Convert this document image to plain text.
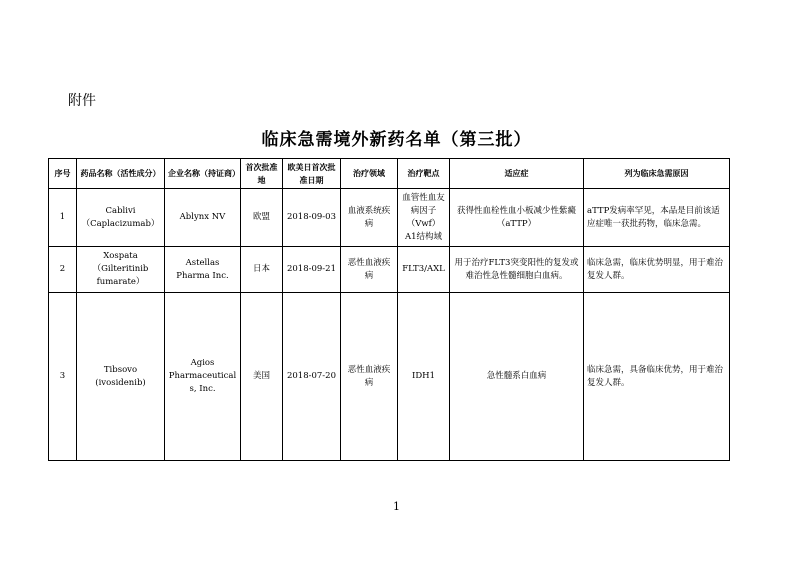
附件
临床急需境外新药名单（第三批）
序号	药品名称（活性成分）	企业名称（持证商）	首次批准地	欧美日首次批准日期	治疗领域	治疗靶点	适应症	列为临床急需原因
1	Cablivi（Caplacizumab）	Ablynx NV	欧盟	2018-09-03	血液系统疾病	血管性血友病因子（Vwf）A1结构域	获得性血栓性血小板减少性紫癜（aTTP）	aTTP发病率罕见，本品是目前该适应症唯一获批药物，临床急需。
2	Xospata（Gilteritinib fumarate）	Astellas Pharma Inc.	日本	2018-09-21	恶性血液疾病	FLT3/AXL	用于治疗FLT3突变阳性的复发或难治性急性髓细胞白血病。	临床急需，临床优势明显，用于难治复发人群。
3	Tibsovo (ivosidenib)	Agios Pharmaceuticals, Inc.	美国	2018-07-20	恶性血液疾病	IDH1	急性髓系白血病	临床急需，具备临床优势，用于难治复发人群。
1
